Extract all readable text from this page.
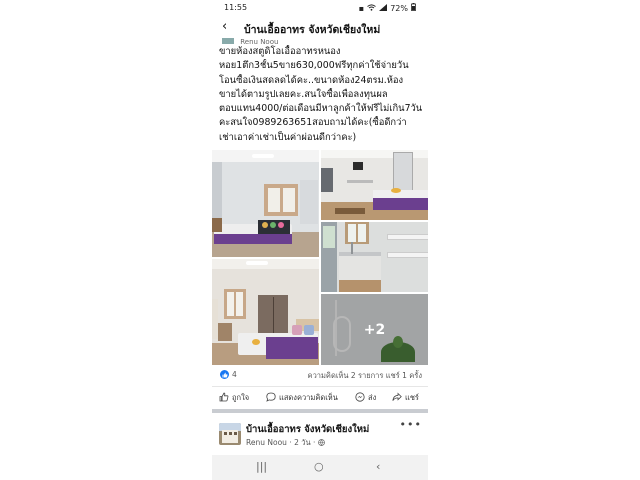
11:55	▪	72%
‹ บ้านเอื้ออาทร จังหวัดเชียงใหม่
Renu Noou
ขายห้องสตูดิโอเอื้ออาทรหนอง
หอย1ตึก3ชั้น5ขาย630,000ฟรีทุกค่าใช้จ่ายวัน
โอนซื้อเงินสดลดได้คะ..ขนาดห้อง24ตรม.ห้อง
ขายได้ตามรูปเลยคะ.สนใจซื้อเพื่อลงทุนผล
ตอบแทน4000/ต่อเดือนมีหาลูกค้าให้ฟรีไม่เกิน7วัน
คะสนใจ0989263651สอบถามได้คะ(ซื้อดีกว่า
เช่าเอาค่าเช่าเป็นค่าผ่อนดีกว่าคะ)
+2
4	ความคิดเห็น 2 รายการ แชร์ 1 ครั้ง
ถูกใจ	แสดงความคิดเห็น	ส่ง	แชร์
บ้านเอื้ออาทร จังหวัดเชียงใหม่
Renu Noou · 2 วัน ·
•••
|||	○	‹
